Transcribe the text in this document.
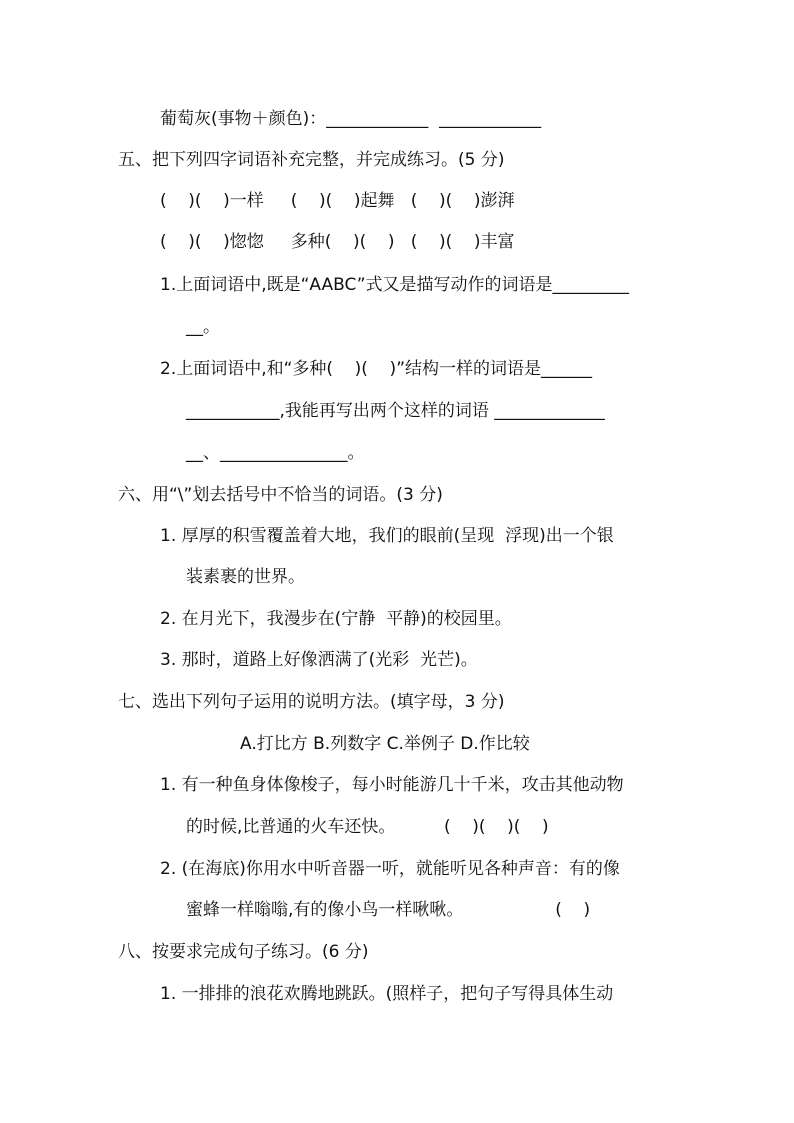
葡萄灰(事物＋颜色)：____________  ____________
五、把下列四字词语补充完整，并完成练习。(5 分)
(    )(    )一样     (    )(    )起舞   (    )(    )澎湃
(    )(    )惚惚     多种(    )(    )   (    )(    )丰富
1.上面词语中,既是“AABC”式又是描写动作的词语是_________
__。
2.上面词语中,和“多种(    )(    )”结构一样的词语是______
___________,我能再写出两个这样的词语 _____________
__、_______________。
六、用“\”划去括号中不恰当的词语。(3 分)
1. 厚厚的积雪覆盖着大地，我们的眼前(呈现  浮现)出一个银
装素裹的世界。
2. 在月光下，我漫步在(宁静  平静)的校园里。
3. 那时，道路上好像洒满了(光彩  光芒)。
七、选出下列句子运用的说明方法。(填字母，3 分)
A.打比方 B.列数字 C.举例子 D.作比较
1. 有一种鱼身体像梭子，每小时能游几十千米，攻击其他动物
的时候,比普通的火车还快。         (    )(    )(    )
2. (在海底)你用水中听音器一听，就能听见各种声音：有的像
蜜蜂一样嗡嗡,有的像小鸟一样啾啾。                 (    )
八、按要求完成句子练习。(6 分)
1. 一排排的浪花欢腾地跳跃。(照样子，把句子写得具体生动
